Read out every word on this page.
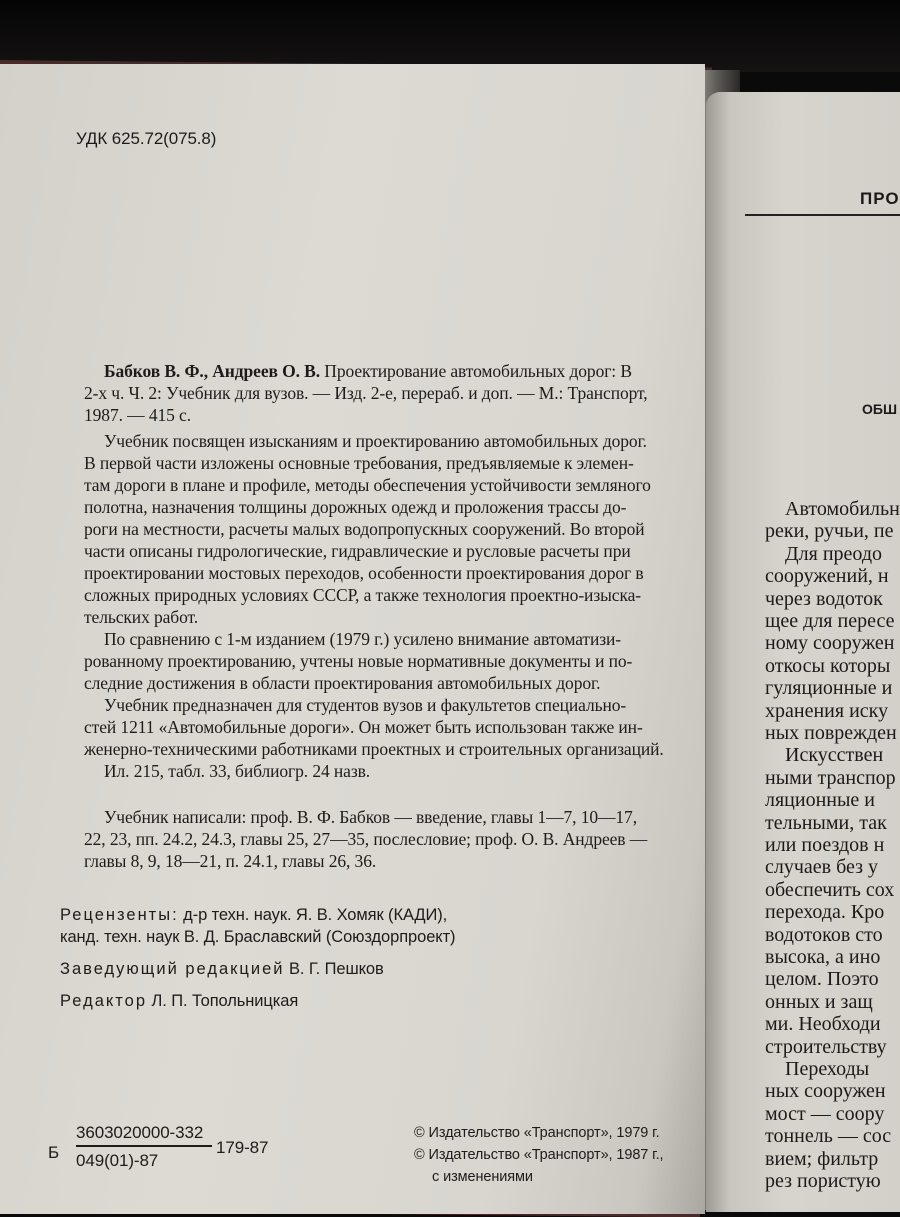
УДК 625.72(075.8)
Бабков В. Ф., Андреев О. В. Проектирование автомобильных дорог: В
2-х ч. Ч. 2: Учебник для вузов. — Изд. 2-е, перераб. и доп. — М.: Транспорт,
1987. — 415 с.
Учебник посвящен изысканиям и проектированию автомобильных дорог.
В первой части изложены основные требования, предъявляемые к элемен-
там дороги в плане и профиле, методы обеспечения устойчивости земляного
полотна, назначения толщины дорожных одежд и проложения трассы до-
роги на местности, расчеты малых водопропускных сооружений. Во второй
части описаны гидрологические, гидравлические и русловые расчеты при
проектировании мостовых переходов, особенности проектирования дорог в
сложных природных условиях СССР, а также технология проектно-изыска-
тельских работ.
По сравнению с 1-м изданием (1979 г.) усилено внимание автоматизи-
рованному проектированию, учтены новые нормативные документы и по-
следние достижения в области проектирования автомобильных дорог.
Учебник предназначен для студентов вузов и факультетов специально-
стей 1211 «Автомобильные дороги». Он может быть использован также ин-
женерно-техническими работниками проектных и строительных организаций.
Ил. 215, табл. 33, библиогр. 24 назв.
Учебник написали: проф. В. Ф. Бабков — введение, главы 1—7, 10—17,
22, 23, пп. 24.2, 24.3, главы 25, 27—35, послесловие; проф. О. В. Андреев —
главы 8, 9, 18—21, п. 24.1, главы 26, 36.
Рецензенты: д-р техн. наук. Я. В. Хомяк (КАДИ),
канд. техн. наук В. Д. Браславский (Союздорпроект)
Заведующий редакцией В. Г. Пешков
Редактор Л. П. Топольницкая
Б
3603020000-332
049(01)-87
179-87
© Издательство «Транспорт», 1979 г.
© Издательство «Транспорт», 1987 г.,
с изменениями
ПРО
ОБШ
Автомобильн
реки, ручьи, пе
Для преодо
сооружений, н
через водоток
щее для пересе
ному сооружен
откосы которы
гуляционные и
хранения иску
ных поврежден
Искусствен
ными транспор
ляционные и
тельными, так
или поездов н
случаев без у
обеспечить сох
перехода. Кро
водотоков сто
высока, а ино
целом. Поэто
онных и защ
ми. Необходи
строительству
Переходы
ных сооружен
мост — соору
тоннель — сос
вием; фильтр
рез пористую
